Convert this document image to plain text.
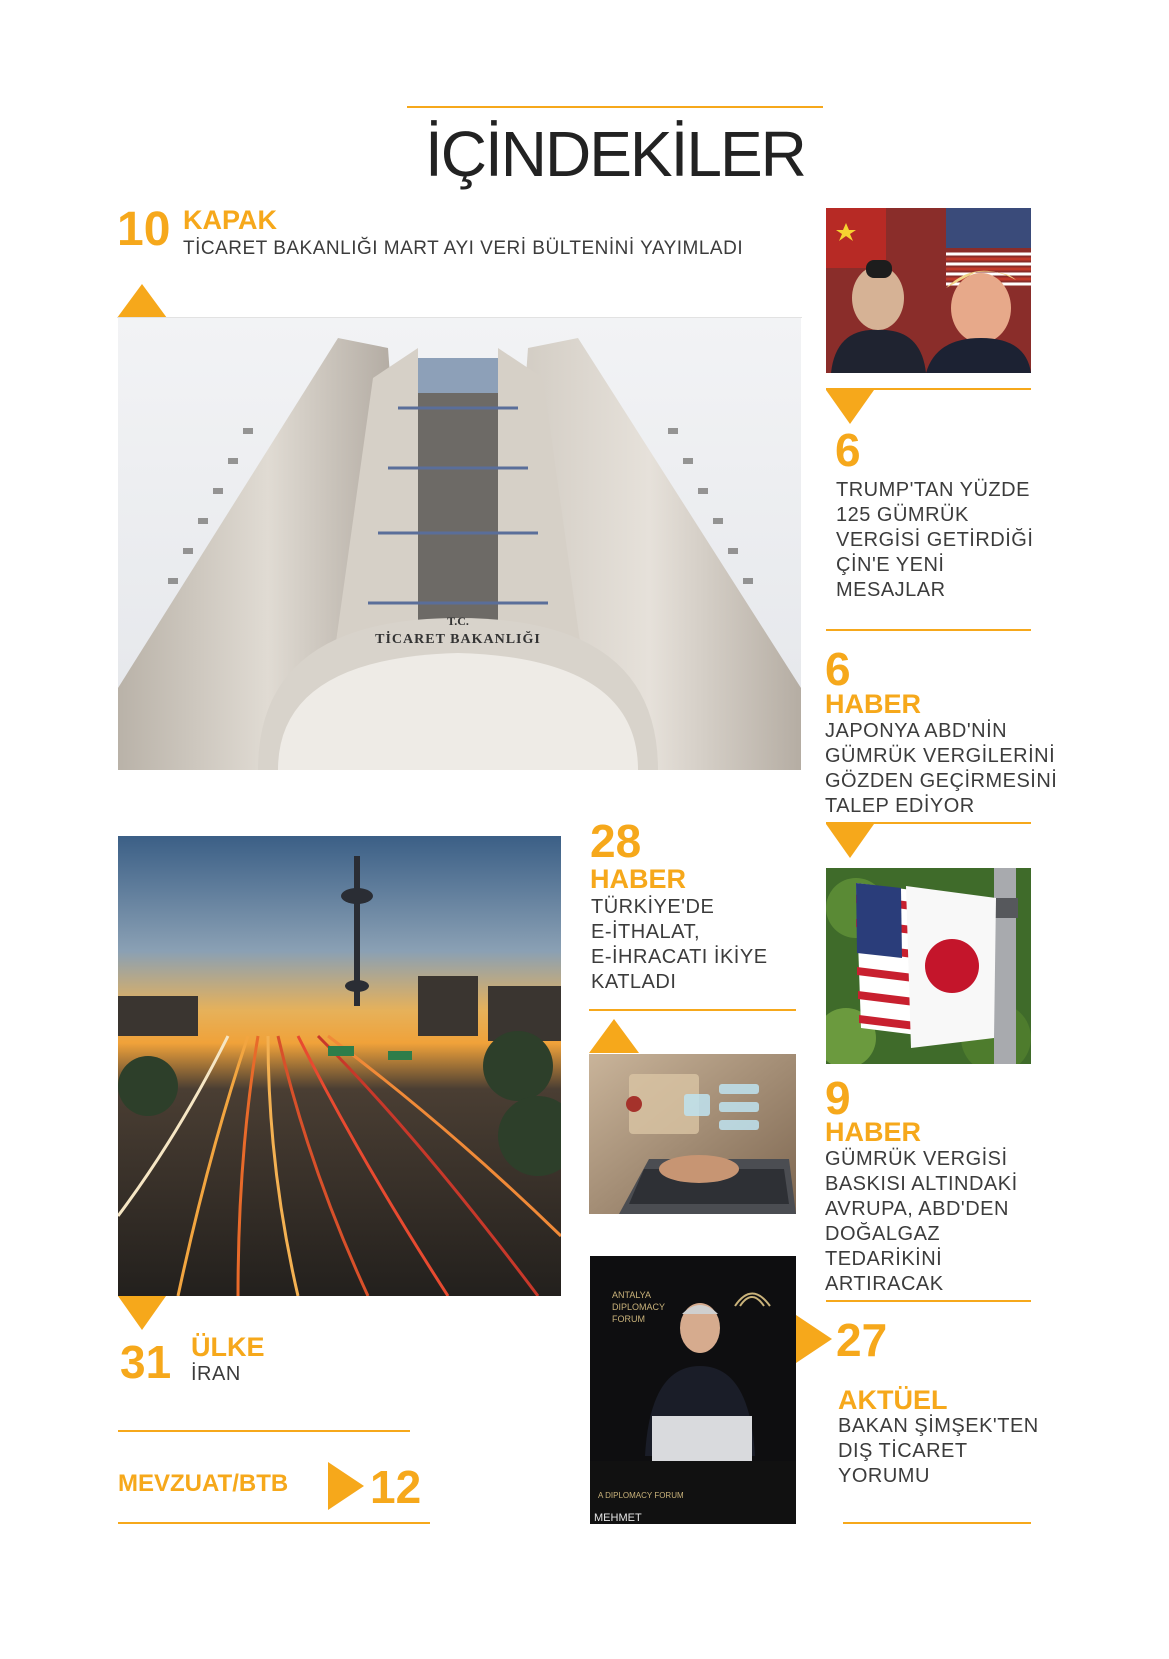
İÇİNDEKİLER
10 KAPAK
TİCARET BAKANLIĞI MART AYI VERİ BÜLTENİNİ YAYIMLADI
T.C.
TİCARET BAKANLIĞI
6
TRUMP'TAN YÜZDE
125 GÜMRÜK
VERGİSİ GETİRDİĞİ
ÇİN'E YENİ
MESAJLAR
6
HABER
JAPONYA ABD'NİN
GÜMRÜK VERGİLERİNİ
GÖZDEN GEÇİRMESİNİ
TALEP EDİYOR
9
HABER
GÜMRÜK VERGİSİ
BASKISI ALTINDAKİ
AVRUPA, ABD'DEN
DOĞALGAZ
TEDARİKİNİ
ARTIRACAK
27
AKTÜEL
BAKAN ŞİMŞEK'TEN
DIŞ TİCARET
YORUMU
28
HABER
TÜRKİYE'DE
E-İTHALAT,
E-İHRACATI İKİYE
KATLADI
ANTALYA
DIPLOMACY
FORUM
A DIPLOMACY FORUM
MEHMET
31 ÜLKE
İRAN
MEVZUAT/BTB 12
